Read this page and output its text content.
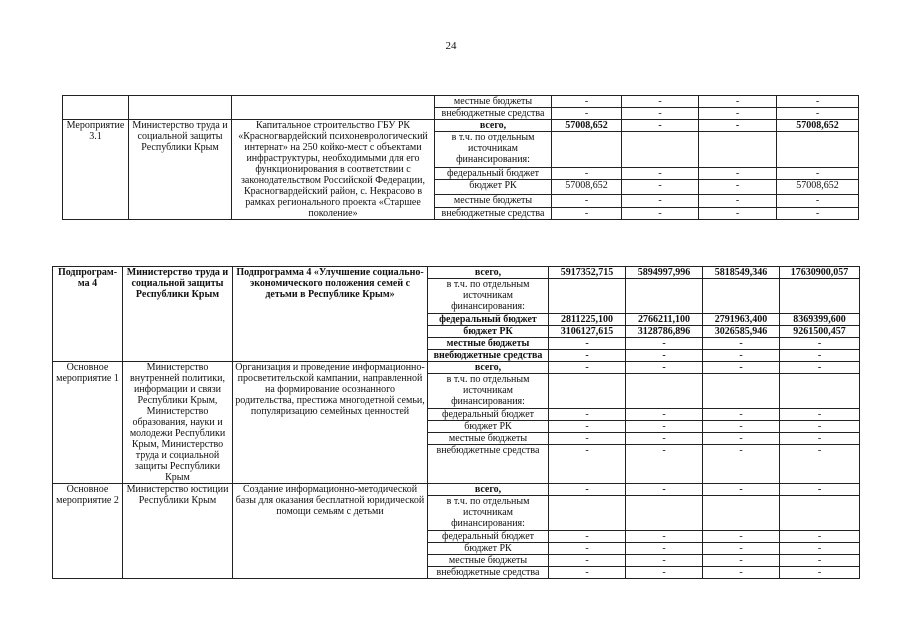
24
			местные бюджеты	-	-	-	-
			внебюджетные средства	-	-	-	-
Мероприятие 3.1	Министерство труда и социальной защиты Республики Крым	Капитальное строительство ГБУ РК «Красногвардейский психоневрологический интернат» на 250 койко-мест с объектами инфраструктуры, необходимыми для его функционирования в соответствии с законодательством Российской Федерации, Красногвардейский район, с. Некрасово в рамках регионального проекта «Старшее поколение»	всего,	57008,652	-	-	57008,652
			в т.ч. по отдельным источникам финансирования:				
			федеральный бюджет	-	-	-	-
			бюджет РК	57008,652	-	-	57008,652
			местные бюджеты	-	-	-	-
			внебюджетные средства	-	-	-	-
Подпрограм-ма 4	Министерство труда и социальной защиты Республики Крым	Подпрограмма 4 «Улучшение социально-экономического положения семей с детьми в Республике Крым»	всего,	5917352,715	5894997,996	5818549,346	17630900,057
			в т.ч. по отдельным источникам финансирования:				
			федеральный бюджет	2811225,100	2766211,100	2791963,400	8369399,600
			бюджет РК	3106127,615	3128786,896	3026585,946	9261500,457
			местные бюджеты	-	-	-	-
			внебюджетные средства	-	-	-	-
Основное мероприятие 1	Министерство внутренней политики, информации и связи Республики Крым, Министерство образования, науки и молодежи Республики Крым, Министерство труда и социальной защиты Республики Крым	Организация и проведение информационно-просветительской кампании, направленной на формирование осознанного родительства, престижа многодетной семьи, популяризацию семейных ценностей	всего,	-	-	-	-
			в т.ч. по отдельным источникам финансирования:				
			федеральный бюджет	-	-	-	-
			бюджет РК	-	-	-	-
			местные бюджеты	-	-	-	-
			внебюджетные средства	-	-	-	-
Основное мероприятие 2	Министерство юстиции Республики Крым	Создание информационно-методической базы для оказания бесплатной юридической помощи семьям с детьми	всего,	-	-	-	-
			в т.ч. по отдельным источникам финансирования:				
			федеральный бюджет	-	-	-	-
			бюджет РК	-	-	-	-
			местные бюджеты	-	-	-	-
			внебюджетные средства	-	-	-	-
